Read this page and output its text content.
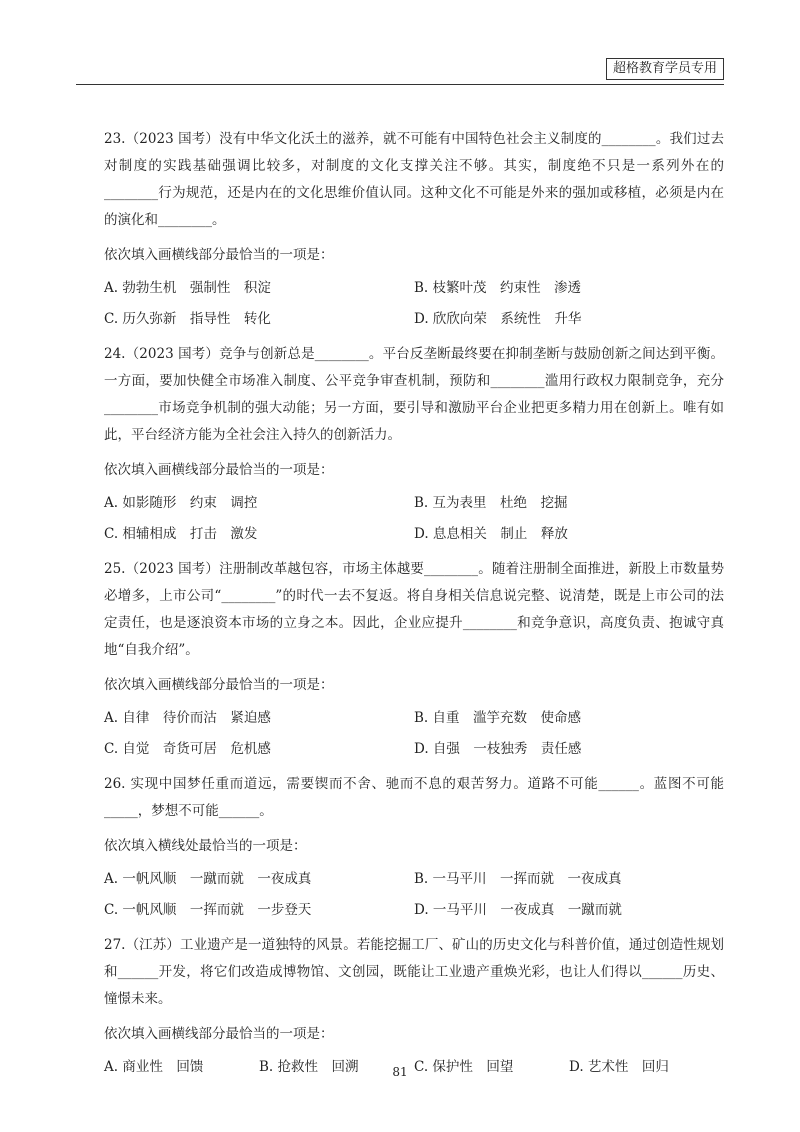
超格教育学员专用

23.（2023 国考）没有中华文化沃土的滋养，就不可能有中国特色社会主义制度的________。我们过去对制度的实践基础强调比较多，对制度的文化支撑关注不够。其实，制度绝不只是一系列外在的________行为规范，还是内在的文化思维价值认同。这种文化不可能是外来的强加或移植，必须是内在的演化和________。

依次填入画横线部分最恰当的一项是：
A. 勃勃生机　强制性　积淀	B. 枝繁叶茂　约束性　渗透
C. 历久弥新　指导性　转化	D. 欣欣向荣　系统性　升华

24.（2023 国考）竞争与创新总是________。平台反垄断最终要在抑制垄断与鼓励创新之间达到平衡。一方面，要加快健全市场准入制度、公平竞争审查机制，预防和________滥用行政权力限制竞争，充分________市场竞争机制的强大动能；另一方面，要引导和激励平台企业把更多精力用在创新上。唯有如此，平台经济方能为全社会注入持久的创新活力。

依次填入画横线部分最恰当的一项是：
A. 如影随形　约束　调控	B. 互为表里　杜绝　挖掘
C. 相辅相成　打击　激发	D. 息息相关　制止　释放

25.（2023 国考）注册制改革越包容，市场主体越要________。随着注册制全面推进，新股上市数量势必增多，上市公司“________”的时代一去不复返。将自身相关信息说完整、说清楚，既是上市公司的法定责任，也是逐浪资本市场的立身之本。因此，企业应提升________和竞争意识，高度负责、抱诚守真地“自我介绍”。

依次填入画横线部分最恰当的一项是：
A. 自律　待价而沽　紧迫感	B. 自重　滥竽充数　使命感
C. 自觉　奇货可居　危机感	D. 自强　一枝独秀　责任感

26. 实现中国梦任重而道远，需要锲而不舍、驰而不息的艰苦努力。道路不可能______。蓝图不可能_____，梦想不可能______。

依次填入横线处最恰当的一项是：
A. 一帆风顺　一蹴而就　一夜成真	B. 一马平川　一挥而就　一夜成真
C. 一帆风顺　一挥而就　一步登天	D. 一马平川　一夜成真　一蹴而就

27.（江苏）工业遗产是一道独特的风景。若能挖掘工厂、矿山的历史文化与科普价值，通过创造性规划和______开发，将它们改造成博物馆、文创园，既能让工业遗产重焕光彩，也让人们得以______历史、憧憬未来。

依次填入画横线部分最恰当的一项是：
A. 商业性　回馈	B. 抢救性　回溯	C. 保护性　回望	D. 艺术性　回归
81
